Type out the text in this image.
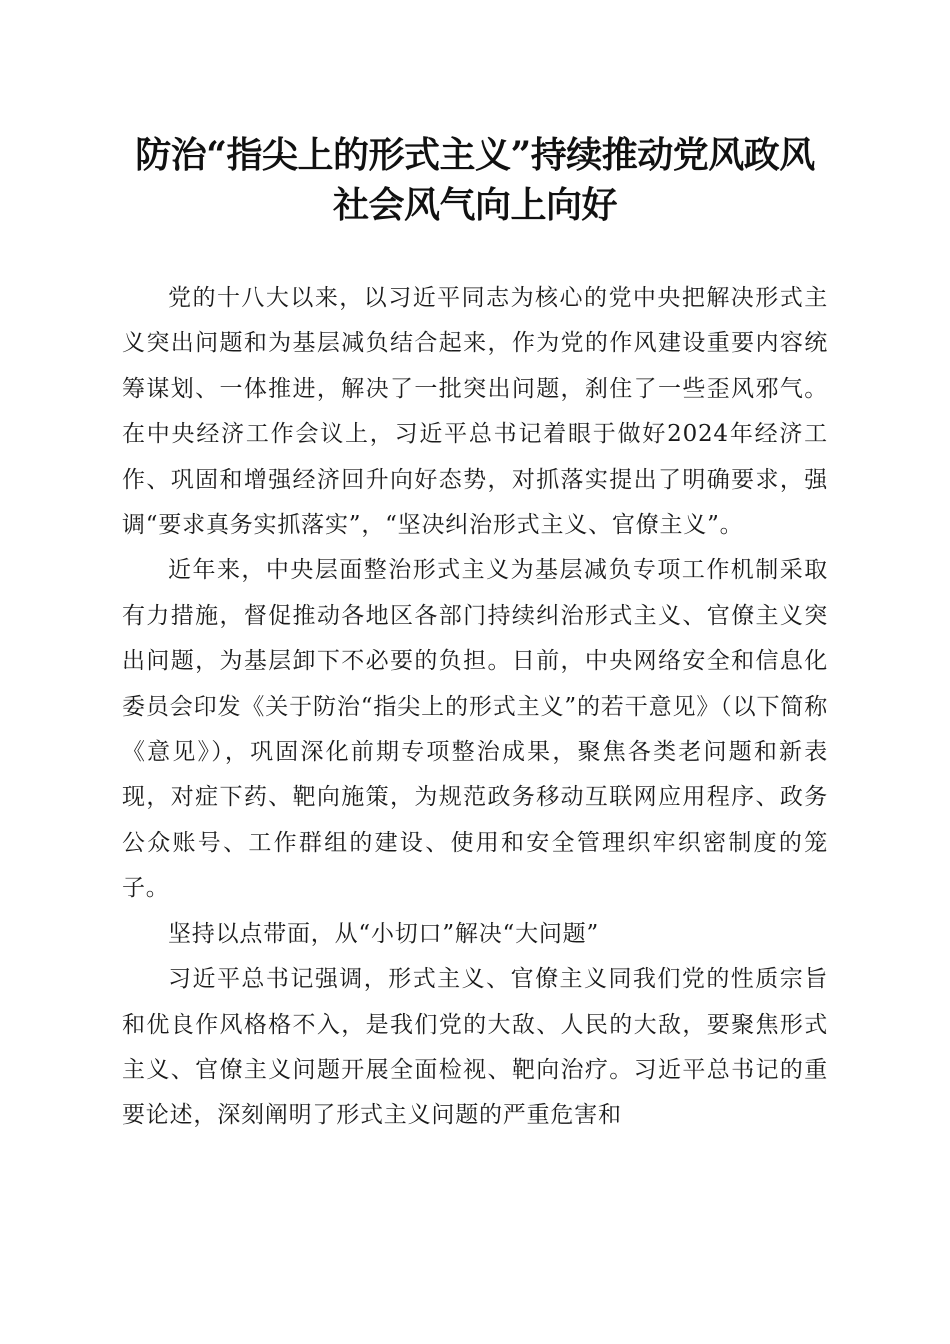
防治“指尖上的形式主义”持续推动党风政风
社会风气向上向好

党的十八大以来，以习近平同志为核心的党中央把解决形式主义突出问题和为基层减负结合起来，作为党的作风建设重要内容统筹谋划、一体推进，解决了一批突出问题，刹住了一些歪风邪气。在中央经济工作会议上，习近平总书记着眼于做好2024年经济工作、巩固和增强经济回升向好态势，对抓落实提出了明确要求，强调“要求真务实抓落实”，“坚决纠治形式主义、官僚主义”。

近年来，中央层面整治形式主义为基层减负专项工作机制采取有力措施，督促推动各地区各部门持续纠治形式主义、官僚主义突出问题，为基层卸下不必要的负担。日前，中央网络安全和信息化委员会印发《关于防治“指尖上的形式主义”的若干意见》（以下简称《意见》），巩固深化前期专项整治成果，聚焦各类老问题和新表现，对症下药、靶向施策，为规范政务移动互联网应用程序、政务公众账号、工作群组的建设、使用和安全管理织牢织密制度的笼子。

坚持以点带面，从“小切口”解决“大问题”

习近平总书记强调，形式主义、官僚主义同我们党的性质宗旨和优良作风格格不入，是我们党的大敌、人民的大敌，要聚焦形式主义、官僚主义问题开展全面检视、靶向治疗。习近平总书记的重要论述，深刻阐明了形式主义问题的严重危害和
